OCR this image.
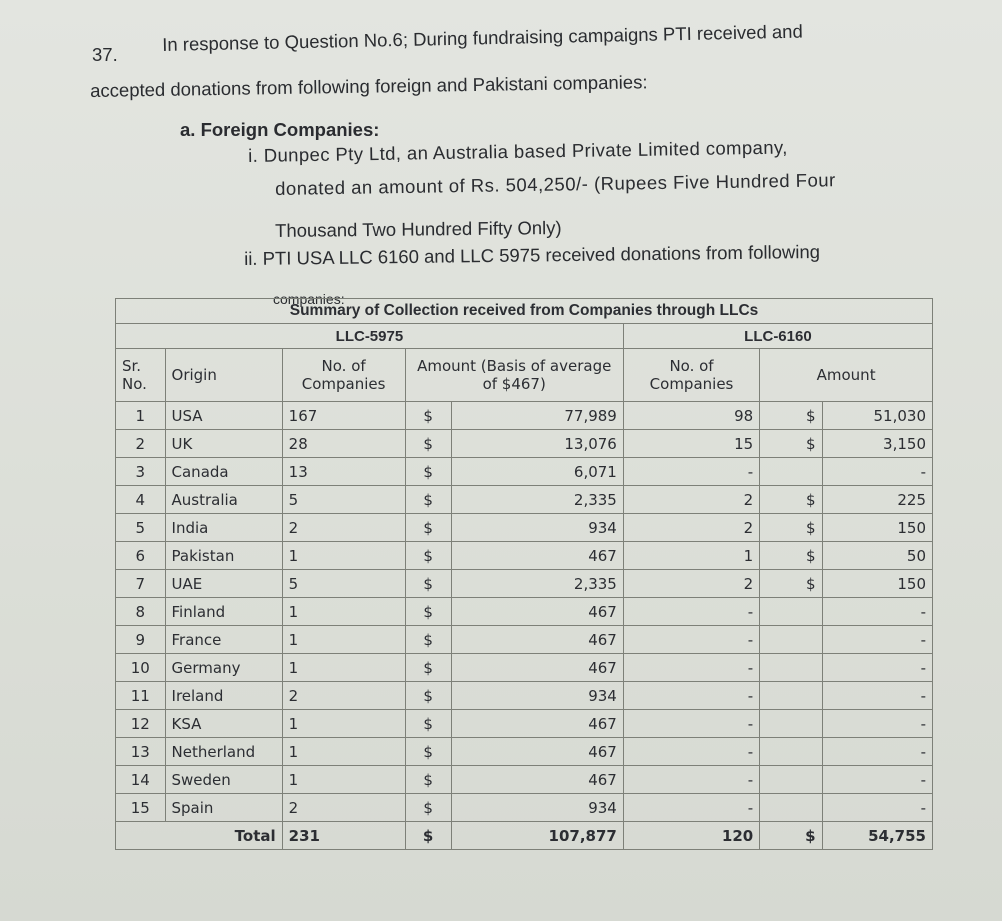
37. In response to Question No.6; During fundraising campaigns PTI received and
accepted donations from following foreign and Pakistani companies:
a. Foreign Companies:
i. Dunpec Pty Ltd, an Australia based Private Limited company,
donated an amount of Rs. 504,250/- (Rupees Five Hundred Four
Thousand Two Hundred Fifty Only)
ii. PTI USA LLC 6160 and LLC 5975 received donations from following
companies:
Summary of Collection received from Companies through LLCs							
LLC-5975					LLC-6160		
Sr. No.	Origin	No. of Companies	Amount (Basis of average of $467)		No. of Companies	Amount	
1	USA	167	$	77,989	98	$	51,030
2	UK	28	$	13,076	15	$	3,150
3	Canada	13	$	6,071	-		-
4	Australia	5	$	2,335	2	$	225
5	India	2	$	934	2	$	150
6	Pakistan	1	$	467	1	$	50
7	UAE	5	$	2,335	2	$	150
8	Finland	1	$	467	-		-
9	France	1	$	467	-		-
10	Germany	1	$	467	-		-
11	Ireland	2	$	934	-		-
12	KSA	1	$	467	-		-
13	Netherland	1	$	467	-		-
14	Sweden	1	$	467	-		-
15	Spain	2	$	934	-		-
Total		231	$	107,877	120	$	54,755
